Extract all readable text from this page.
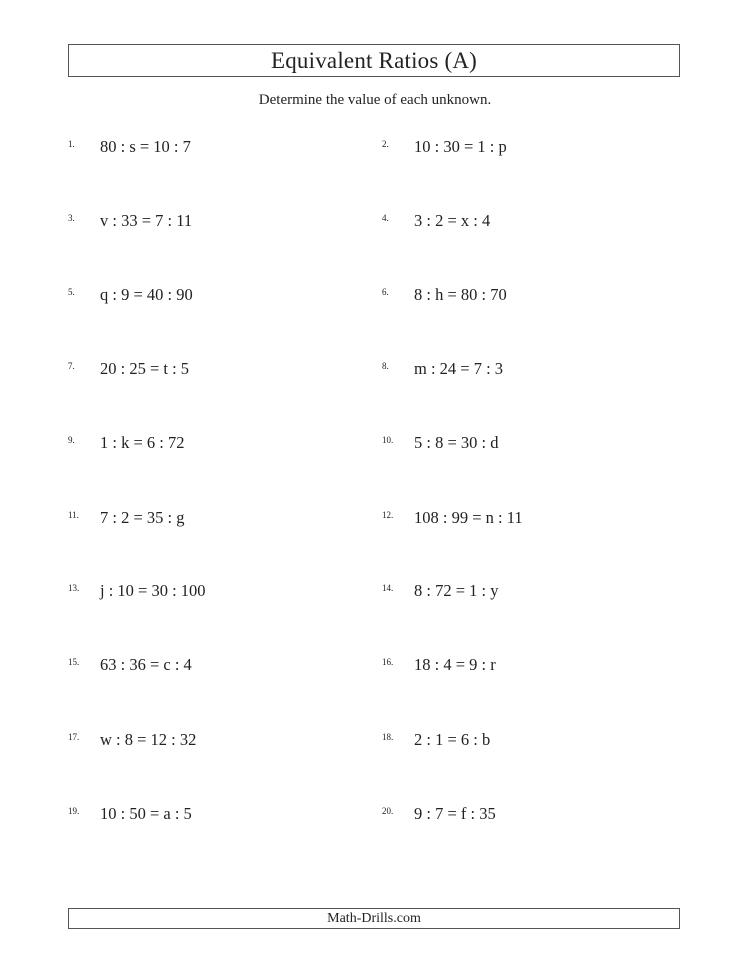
Equivalent Ratios (A)
Determine the value of each unknown.
1.	80 : s = 10 : 7
3.	v : 33 = 7 : 11
5.	q : 9 = 40 : 90
7.	20 : 25 = t : 5
9.	1 : k = 6 : 72
11.	7 : 2 = 35 : g
13.	j : 10 = 30 : 100
15.	63 : 36 = c : 4
17.	w : 8 = 12 : 32
19.	10 : 50 = a : 5
2.	10 : 30 = 1 : p
4.	3 : 2 = x : 4
6.	8 : h = 80 : 70
8.	m : 24 = 7 : 3
10.	5 : 8 = 30 : d
12.	108 : 99 = n : 11
14.	8 : 72 = 1 : y
16.	18 : 4 = 9 : r
18.	2 : 1 = 6 : b
20.	9 : 7 = f : 35
Math-Drills.com
